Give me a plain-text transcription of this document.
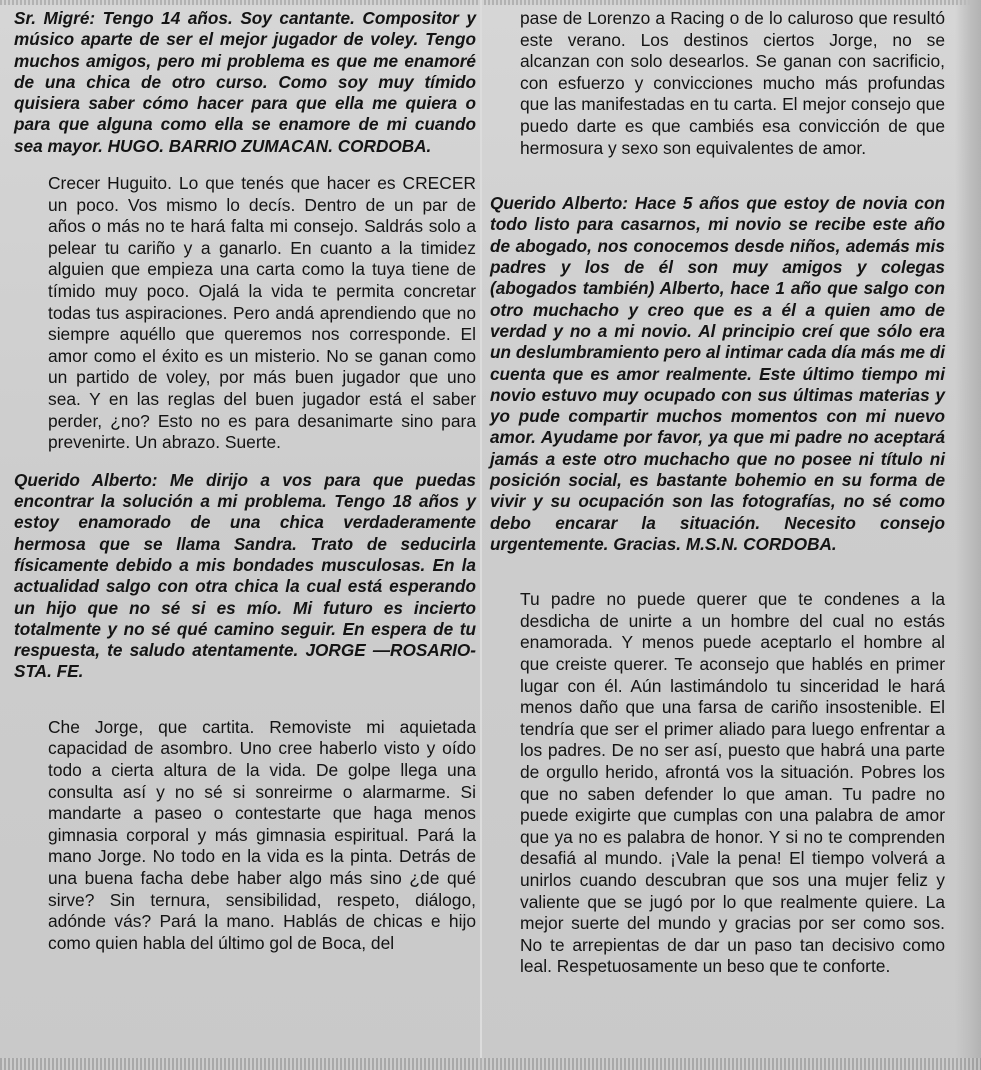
Sr. Migré: Tengo 14 años. Soy cantante. Compositor y músico aparte de ser el mejor jugador de voley. Tengo muchos amigos, pero mi problema es que me enamoré de una chica de otro curso. Como soy muy tímido quisiera saber cómo hacer para que ella me quiera o para que alguna como ella se enamore de mi cuando sea mayor. HUGO. BARRIO ZUMACAN. CORDOBA.

Crecer Huguito. Lo que tenés que hacer es CRECER un poco. Vos mismo lo decís. Dentro de un par de años o más no te hará falta mi consejo. Saldrás solo a pelear tu cariño y a ganarlo. En cuanto a la timidez alguien que empieza una carta como la tuya tiene de tímido muy poco. Ojalá la vida te permita concretar todas tus aspiraciones. Pero andá aprendiendo que no siempre aquéllo que queremos nos corresponde. El amor como el éxito es un misterio. No se ganan como un partido de voley, por más buen jugador que uno sea. Y en las reglas del buen jugador está el saber perder, ¿no? Esto no es para desanimarte sino para prevenirte. Un abrazo. Suerte.

Querido Alberto: Me dirijo a vos para que puedas encontrar la solución a mi problema. Tengo 18 años y estoy enamorado de una chica verdaderamente hermosa que se llama Sandra. Trato de seducirla físicamente debido a mis bondades musculosas. En la actualidad salgo con otra chica la cual está esperando un hijo que no sé si es mío. Mi futuro es incierto totalmente y no sé qué camino seguir. En espera de tu respuesta, te saludo atentamente. JORGE —ROSARIO-STA. FE.

Che Jorge, que cartita. Removiste mi aquietada capacidad de asombro. Uno cree haberlo visto y oído todo a cierta altura de la vida. De golpe llega una consulta así y no sé si sonreirme o alarmarme. Si mandarte a paseo o contestarte que haga menos gimnasia corporal y más gimnasia espiritual. Pará la mano Jorge. No todo en la vida es la pinta. Detrás de una buena facha debe haber algo más sino ¿de qué sirve? Sin ternura, sensibilidad, respeto, diálogo, adónde vás? Pará la mano. Hablás de chicas e hijo como quien habla del último gol de Boca, del

pase de Lorenzo a Racing o de lo caluroso que resultó este verano. Los destinos ciertos Jorge, no se alcanzan con solo desearlos. Se ganan con sacrificio, con esfuerzo y convicciones mucho más profundas que las manifestadas en tu carta. El mejor consejo que puedo darte es que cambiés esa convicción de que hermosura y sexo son equivalentes de amor.

Querido Alberto: Hace 5 años que estoy de novia con todo listo para casarnos, mi novio se recibe este año de abogado, nos conocemos desde niños, además mis padres y los de él son muy amigos y colegas (abogados también) Alberto, hace 1 año que salgo con otro muchacho y creo que es a él a quien amo de verdad y no a mi novio. Al principio creí que sólo era un deslumbramiento pero al intimar cada día más me di cuenta que es amor realmente. Este último tiempo mi novio estuvo muy ocupado con sus últimas materias y yo pude compartir muchos momentos con mi nuevo amor. Ayudame por favor, ya que mi padre no aceptará jamás a este otro muchacho que no posee ni título ni posición social, es bastante bohemio en su forma de vivir y su ocupación son las fotografías, no sé como debo encarar la situación. Necesito consejo urgentemente. Gracias. M.S.N. CORDOBA.

Tu padre no puede querer que te condenes a la desdicha de unirte a un hombre del cual no estás enamorada. Y menos puede aceptarlo el hombre al que creiste querer. Te aconsejo que hablés en primer lugar con él. Aún lastimándolo tu sinceridad le hará menos daño que una farsa de cariño insostenible. El tendría que ser el primer aliado para luego enfrentar a los padres. De no ser así, puesto que habrá una parte de orgullo herido, afrontá vos la situación. Pobres los que no saben defender lo que aman. Tu padre no puede exigirte que cumplas con una palabra de amor que ya no es palabra de honor. Y si no te comprenden desafiá al mundo. ¡Vale la pena! El tiempo volverá a unirlos cuando descubran que sos una mujer feliz y valiente que se jugó por lo que realmente quiere. La mejor suerte del mundo y gracias por ser como sos. No te arrepientas de dar un paso tan decisivo como leal. Respetuosamente un beso que te conforte.
